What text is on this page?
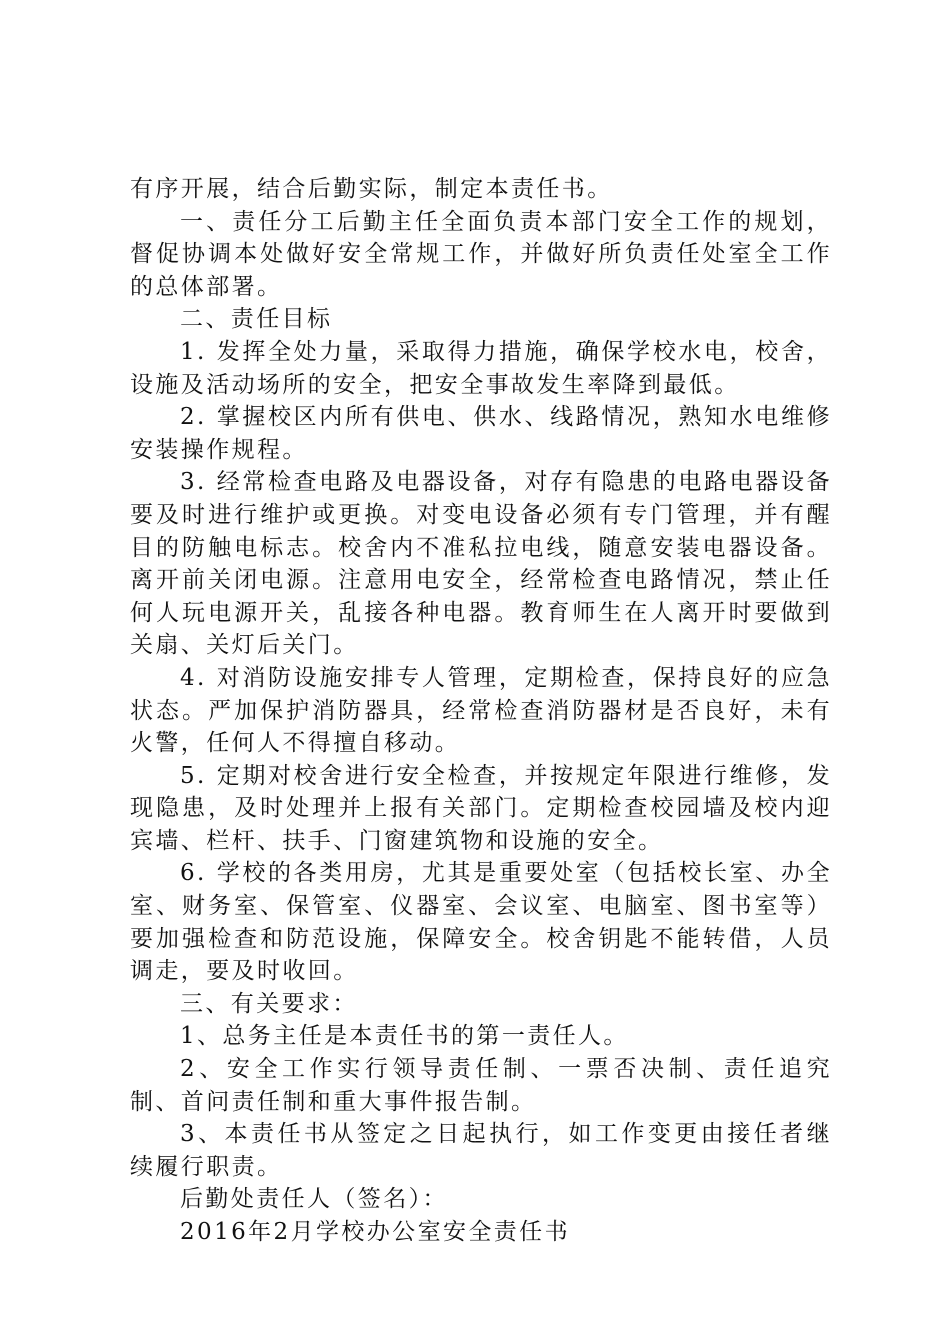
有序开展，结合后勤实际，制定本责任书。

一、责任分工后勤主任全面负责本部门安全工作的规划，督促协调本处做好安全常规工作，并做好所负责任处室全工作的总体部署。

二、责任目标

1. 发挥全处力量，采取得力措施，确保学校水电，校舍，设施及活动场所的安全，把安全事故发生率降到最低。

2. 掌握校区内所有供电、供水、线路情况，熟知水电维修安装操作规程。

3. 经常检查电路及电器设备，对存有隐患的电路电器设备要及时进行维护或更换。对变电设备必须有专门管理，并有醒目的防触电标志。校舍内不准私拉电线，随意安装电器设备。离开前关闭电源。注意用电安全，经常检查电路情况，禁止任何人玩电源开关，乱接各种电器。教育师生在人离开时要做到关扇、关灯后关门。

4. 对消防设施安排专人管理，定期检查，保持良好的应急状态。严加保护消防器具，经常检查消防器材是否良好，未有火警，任何人不得擅自移动。

5. 定期对校舍进行安全检查，并按规定年限进行维修，发现隐患，及时处理并上报有关部门。定期检查校园墙及校内迎宾墙、栏杆、扶手、门窗建筑物和设施的安全。

6. 学校的各类用房，尤其是重要处室（包括校长室、办全室、财务室、保管室、仪器室、会议室、电脑室、图书室等）要加强检查和防范设施，保障安全。校舍钥匙不能转借，人员调走，要及时收回。

三、有关要求：

1、总务主任是本责任书的第一责任人。

2、安全工作实行领导责任制、一票否决制、责任追究制、首问责任制和重大事件报告制。

3、本责任书从签定之日起执行，如工作变更由接任者继续履行职责。

后勤处责任人（签名）：

2016年2月学校办公室安全责任书
